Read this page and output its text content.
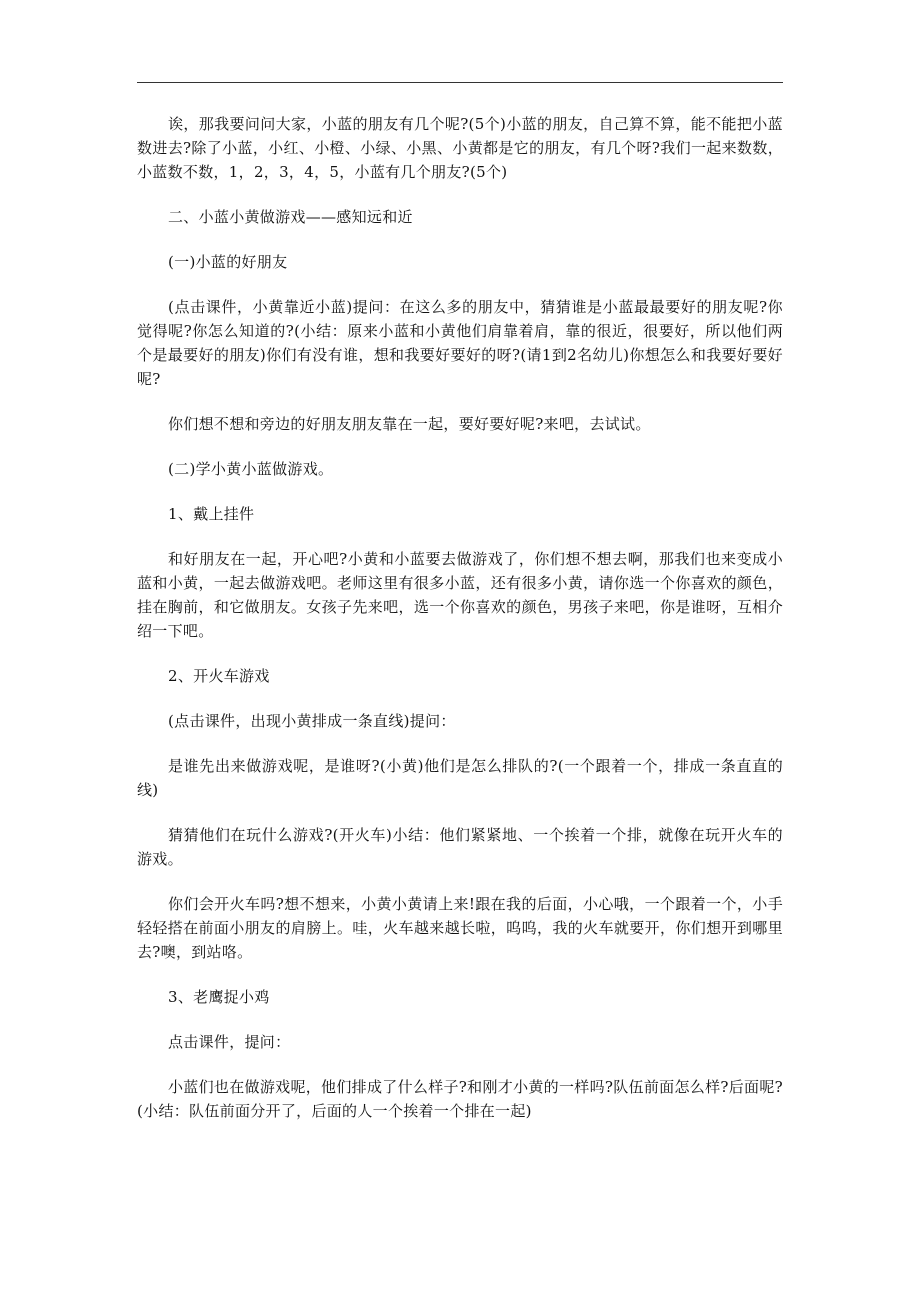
诶，那我要问问大家，小蓝的朋友有几个呢?(5个)小蓝的朋友，自己算不算，能不能把小蓝数进去?除了小蓝，小红、小橙、小绿、小黑、小黄都是它的朋友，有几个呀?我们一起来数数，小蓝数不数，1，2，3，4，5，小蓝有几个朋友?(5个)

二、小蓝小黄做游戏——感知远和近

(一)小蓝的好朋友

(点击课件，小黄靠近小蓝)提问：在这么多的朋友中，猜猜谁是小蓝最最要好的朋友呢?你觉得呢?你怎么知道的?(小结：原来小蓝和小黄他们肩靠着肩，靠的很近，很要好，所以他们两个是最要好的朋友)你们有没有谁，想和我要好要好的呀?(请1到2名幼儿)你想怎么和我要好要好呢?

你们想不想和旁边的好朋友朋友靠在一起，要好要好呢?来吧，去试试。

(二)学小黄小蓝做游戏。

1、戴上挂件

和好朋友在一起，开心吧?小黄和小蓝要去做游戏了，你们想不想去啊，那我们也来变成小蓝和小黄，一起去做游戏吧。老师这里有很多小蓝，还有很多小黄，请你选一个你喜欢的颜色，挂在胸前，和它做朋友。女孩子先来吧，选一个你喜欢的颜色，男孩子来吧，你是谁呀，互相介绍一下吧。

2、开火车游戏

(点击课件，出现小黄排成一条直线)提问：

是谁先出来做游戏呢，是谁呀?(小黄)他们是怎么排队的?(一个跟着一个，排成一条直直的线)

猜猜他们在玩什么游戏?(开火车)小结：他们紧紧地、一个挨着一个排，就像在玩开火车的游戏。

你们会开火车吗?想不想来，小黄小黄请上来!跟在我的后面，小心哦，一个跟着一个，小手轻轻搭在前面小朋友的肩膀上。哇，火车越来越长啦，呜呜，我的火车就要开，你们想开到哪里去?噢，到站咯。

3、老鹰捉小鸡

点击课件，提问：

小蓝们也在做游戏呢，他们排成了什么样子?和刚才小黄的一样吗?队伍前面怎么样?后面呢?(小结：队伍前面分开了，后面的人一个挨着一个排在一起)
